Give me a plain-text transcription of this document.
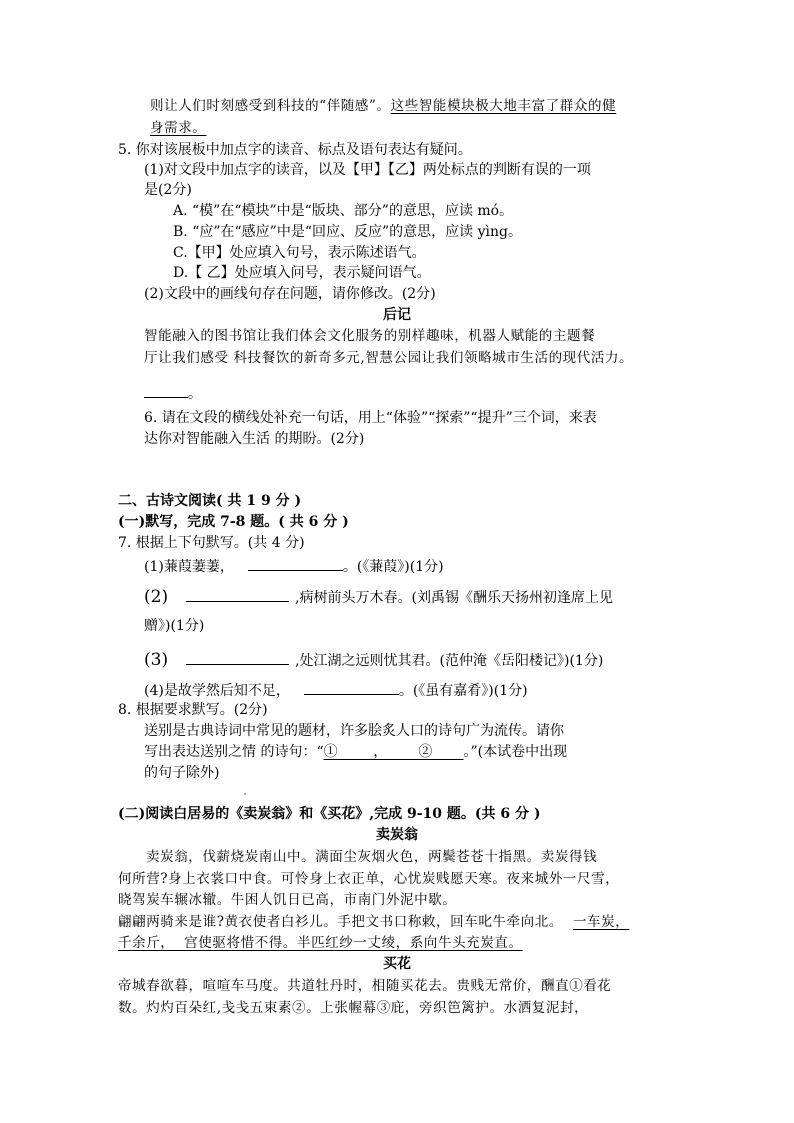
则让人们时刻感受到科技的“伴随感”。这些智能模块极大地丰富了群众的健
身需求。
5. 你对该展板中加点字的读音、标点及语句表达有疑问。
(1)对文段中加点字的读音，以及【甲】【乙】两处标点的判断有误的一项
是(2分)
A. “模”在“模块”中是“版块、部分”的意思，应读 mó。
B. “应”在“感应”中是“回应、反应”的意思，应读 yìng。
C.【甲】处应填入句号，表示陈述语气。
D.【 乙】处应填入问号，表示疑问语气。
(2)文段中的画线句存在问题，请你修改。(2分)
后记
智能融入的图书馆让我们体会文化服务的别样趣味，机器人赋能的主题餐
厅让我们感受 科技餐饮的新奇多元,智慧公园让我们领略城市生活的现代活力。
。
6. 请在文段的横线处补充一句话，用上“体验”“探索”“提升”三个词，来表
达你对智能融入生活 的期盼。(2分)
二、古诗文阅读( 共 1 9 分 )
(一)默写，完成 7-8 题。( 共 6 分 )
7. 根据上下句默写。(共 4 分)
(1)蒹葭萋萋，	。(《蒹葭》)(1分)
(2)	,病树前头万木春。(刘禹锡《酬乐天扬州初逢席上见
赠》)(1分)
(3)	,处江湖之远则忧其君。(范仲淹《岳阳楼记》)(1分)
(4)是故学然后知不足，	。(《虽有嘉肴》)(1分)
8. 根据要求默写。(2分)
送别是古典诗词中常见的题材，许多脍炙人口的诗句广为流传。请你
写出表达送别之情 的诗句：“①        ，       ②       。”(本试卷中出现
的句子除外)
(二)阅读白居易的《卖炭翁》和《买花》,完成 9-10 题。(共 6 分 )
卖炭翁
卖炭翁，伐薪烧炭南山中。满面尘灰烟火色，两鬓苍苍十指黑。卖炭得钱
何所营?身上衣裳口中食。可怜身上衣正单，心忧炭贱愿天寒。夜来城外一尺雪，
晓驾炭车辗冰辙。牛困人饥日已高，市南门外泥中歇。
翩翩两骑来是谁?黄衣使者白衫儿。手把文书口称敕，回车叱牛牵向北。 一车炭，
千余斤，  宫使驱将惜不得。半匹红纱一丈绫，系向牛头充炭直。
买花
帝城春欲暮，喧喧车马度。共道牡丹时，相随买花去。贵贱无常价，酬直①看花
数。灼灼百朵红,戋戋五束素②。上张幄幕③庇，旁织笆篱护。水洒复泥封，
